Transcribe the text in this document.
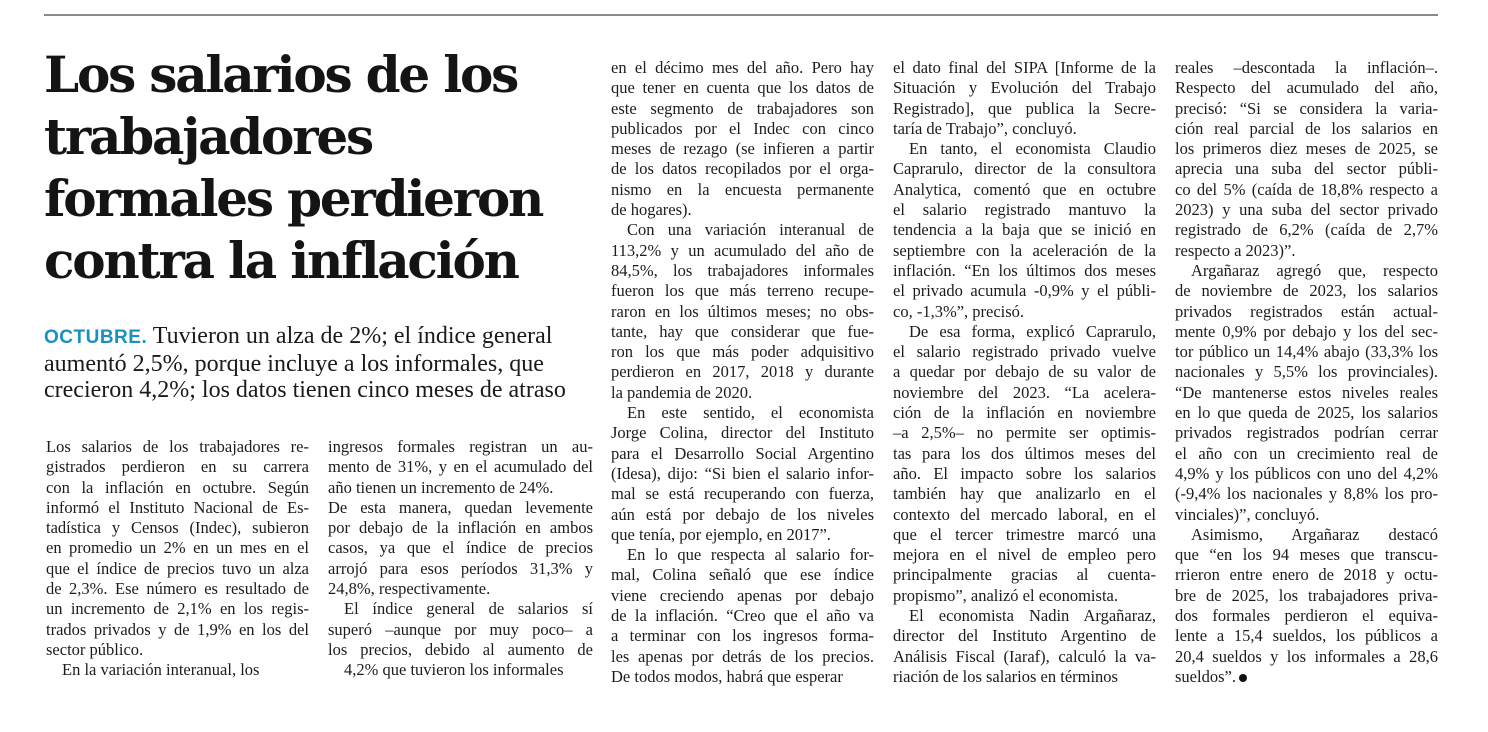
Los salarios de los
trabajadores
formales perdieron
contra la inflación
OCTUBRE. Tuvieron un alza de 2%; el índice general
aumentó 2,5%, porque incluye a los informales, que
crecieron 4,2%; los datos tienen cinco meses de atraso
Los salarios de los trabajadores re-
gistrados perdieron en su carrera
con la inflación en octubre. Según
informó el Instituto Nacional de Es-
tadística y Censos (Indec), subieron
en promedio un 2% en un mes en el
que el índice de precios tuvo un alza
de 2,3%. Ese número es resultado de
un incremento de 2,1% en los regis-
trados privados y de 1,9% en los del
sector público.
En la variación interanual, los
ingresos formales registran un au-
mento de 31%, y en el acumulado del
año tienen un incremento de 24%.
De esta manera, quedan levemente
por debajo de la inflación en ambos
casos, ya que el índice de precios
arrojó para esos períodos 31,3% y
24,8%, respectivamente.
El índice general de salarios sí
superó –aunque por muy poco– a
los precios, debido al aumento de
4,2% que tuvieron los informales
en el décimo mes del año. Pero hay
que tener en cuenta que los datos de
este segmento de trabajadores son
publicados por el Indec con cinco
meses de rezago (se infieren a partir
de los datos recopilados por el orga-
nismo en la encuesta permanente
de hogares).
Con una variación interanual de
113,2% y un acumulado del año de
84,5%, los trabajadores informales
fueron los que más terreno recupe-
raron en los últimos meses; no obs-
tante, hay que considerar que fue-
ron los que más poder adquisitivo
perdieron en 2017, 2018 y durante
la pandemia de 2020.
En este sentido, el economista
Jorge Colina, director del Instituto
para el Desarrollo Social Argentino
(Idesa), dijo: “Si bien el salario infor-
mal se está recuperando con fuerza,
aún está por debajo de los niveles
que tenía, por ejemplo, en 2017”.
En lo que respecta al salario for-
mal, Colina señaló que ese índice
viene creciendo apenas por debajo
de la inflación. “Creo que el año va
a terminar con los ingresos forma-
les apenas por detrás de los precios.
De todos modos, habrá que esperar
el dato final del SIPA [Informe de la
Situación y Evolución del Trabajo
Registrado], que publica la Secre-
taría de Trabajo”, concluyó.
En tanto, el economista Claudio
Caprarulo, director de la consultora
Analytica, comentó que en octubre
el salario registrado mantuvo la
tendencia a la baja que se inició en
septiembre con la aceleración de la
inflación. “En los últimos dos meses
el privado acumula -0,9% y el públi-
co, -1,3%”, precisó.
De esa forma, explicó Caprarulo,
el salario registrado privado vuelve
a quedar por debajo de su valor de
noviembre del 2023. “La acelera-
ción de la inflación en noviembre
–a 2,5%– no permite ser optimis-
tas para los dos últimos meses del
año. El impacto sobre los salarios
también hay que analizarlo en el
contexto del mercado laboral, en el
que el tercer trimestre marcó una
mejora en el nivel de empleo pero
principalmente gracias al cuenta-
propismo”, analizó el economista.
El economista Nadin Argañaraz,
director del Instituto Argentino de
Análisis Fiscal (Iaraf), calculó la va-
riación de los salarios en términos
reales –descontada la inflación–.
Respecto del acumulado del año,
precisó: “Si se considera la varia-
ción real parcial de los salarios en
los primeros diez meses de 2025, se
aprecia una suba del sector públi-
co del 5% (caída de 18,8% respecto a
2023) y una suba del sector privado
registrado de 6,2% (caída de 2,7%
respecto a 2023)”.
Argañaraz agregó que, respecto
de noviembre de 2023, los salarios
privados registrados están actual-
mente 0,9% por debajo y los del sec-
tor público un 14,4% abajo (33,3% los
nacionales y 5,5% los provinciales).
“De mantenerse estos niveles reales
en lo que queda de 2025, los salarios
privados registrados podrían cerrar
el año con un crecimiento real de
4,9% y los públicos con uno del 4,2%
(-9,4% los nacionales y 8,8% los pro-
vinciales)”, concluyó.
Asimismo, Argañaraz destacó
que “en los 94 meses que transcu-
rrieron entre enero de 2018 y octu-
bre de 2025, los trabajadores priva-
dos formales perdieron el equiva-
lente a 15,4 sueldos, los públicos a
20,4 sueldos y los informales a 28,6
sueldos”.
